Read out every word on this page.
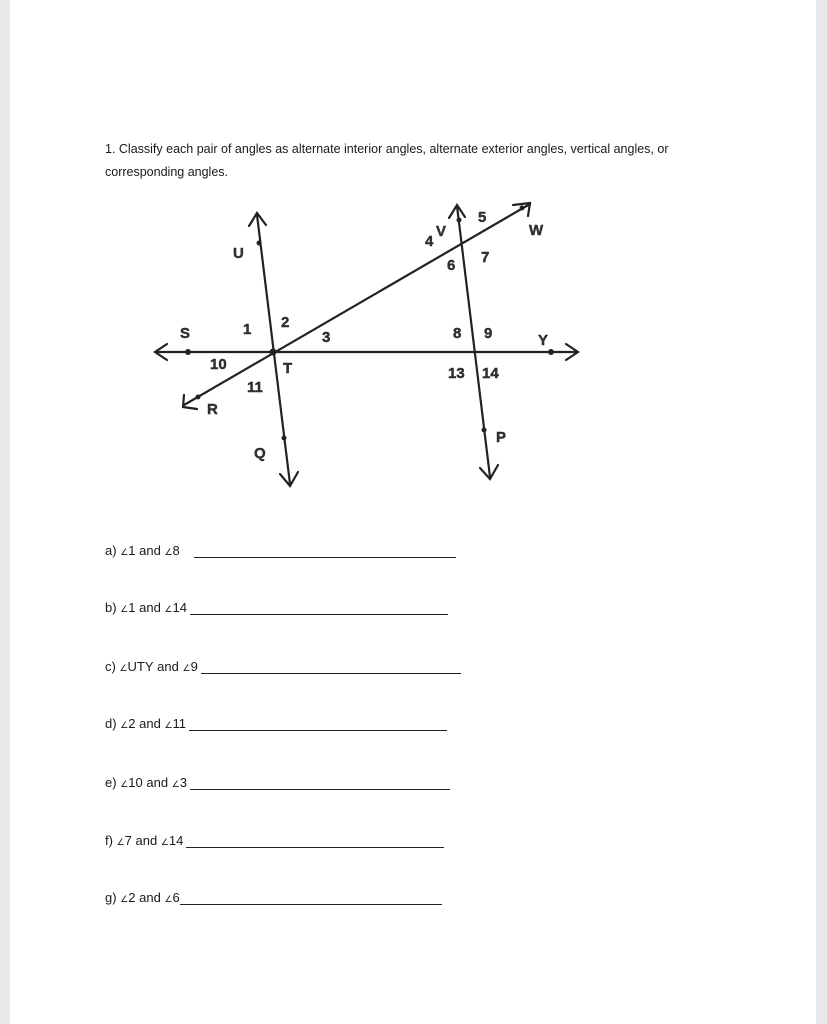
1. Classify each pair of angles as alternate interior angles, alternate exterior angles, vertical angles, or corresponding angles.
S	Y
U
Q
V
P
R
W
T
1 2
3
4
5
6 7
8 9
10
11
13 14
a)
∠ 1
and
∠ 8
b)
∠ 1
and
∠ 14
c)
∠ UTY
and
∠ 9
d)
∠ 2
and
∠ 11
e)
∠ 10
and
∠ 3
f)
∠ 7
and
∠ 14
g)
∠ 2
and
∠ 6
